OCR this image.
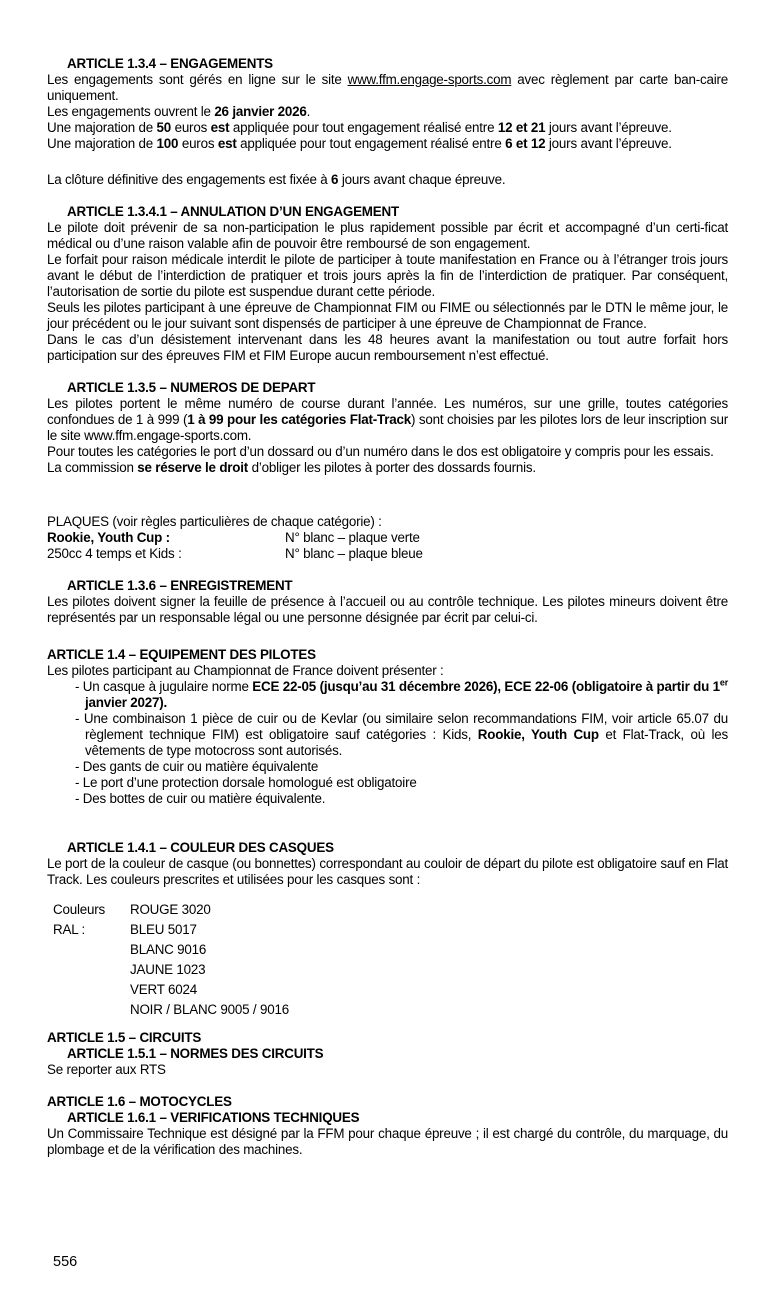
ARTICLE 1.3.4 – ENGAGEMENTS
Les engagements sont gérés en ligne sur le site www.ffm.engage-sports.com avec règlement par carte ban-caire uniquement.
Les engagements ouvrent le 26 janvier 2026.
Une majoration de 50 euros est appliquée pour tout engagement réalisé entre 12 et 21 jours avant l’épreuve.
Une majoration de 100 euros est appliquée pour tout engagement réalisé entre 6 et 12 jours avant l’épreuve.
La clôture définitive des engagements est fixée à 6 jours avant chaque épreuve.
ARTICLE 1.3.4.1 – ANNULATION D’UN ENGAGEMENT
Le pilote doit prévenir de sa non-participation le plus rapidement possible par écrit et accompagné d’un certi-ficat médical ou d’une raison valable afin de pouvoir être remboursé de son engagement.
Le forfait pour raison médicale interdit le pilote de participer à toute manifestation en France ou à l’étranger trois jours avant le début de l’interdiction de pratiquer et trois jours après la fin de l’interdiction de pratiquer. Par conséquent, l’autorisation de sortie du pilote est suspendue durant cette période.
Seuls les pilotes participant à une épreuve de Championnat FIM ou FIME ou sélectionnés par le DTN le même jour, le jour précédent ou le jour suivant sont dispensés de participer à une épreuve de Championnat de France.
Dans le cas d’un désistement intervenant dans les 48 heures avant la manifestation ou tout autre forfait hors participation sur des épreuves FIM et FIM Europe aucun remboursement n’est effectué.
ARTICLE 1.3.5 – NUMEROS DE DEPART
Les pilotes portent le même numéro de course durant l’année. Les numéros, sur une grille, toutes catégories confondues de 1 à 999 (1 à 99 pour les catégories Flat-Track) sont choisies par les pilotes lors de leur inscription sur le site www.ffm.engage-sports.com.
Pour toutes les catégories le port d’un dossard ou d’un numéro dans le dos est obligatoire y compris pour les essais.
La commission se réserve le droit d’obliger les pilotes à porter des dossards fournis.
PLAQUES (voir règles particulières de chaque catégorie) :
Rookie, Youth Cup :	N° blanc – plaque verte
250cc 4 temps et Kids :	N° blanc – plaque bleue
ARTICLE 1.3.6 – ENREGISTREMENT
Les pilotes doivent signer la feuille de présence à l’accueil ou au contrôle technique. Les pilotes mineurs doivent être représentés par un responsable légal ou une personne désignée par écrit par celui-ci.
ARTICLE 1.4 – EQUIPEMENT DES PILOTES
Les pilotes participant au Championnat de France doivent présenter :
- Un casque à jugulaire norme ECE 22-05 (jusqu’au 31 décembre 2026), ECE 22-06 (obligatoire à partir du 1er janvier 2027).
- Une combinaison 1 pièce de cuir ou de Kevlar (ou similaire selon recommandations FIM, voir article 65.07 du règlement technique FIM) est obligatoire sauf catégories : Kids, Rookie, Youth Cup et Flat-Track, où les vêtements de type motocross sont autorisés.
- Des gants de cuir ou matière équivalente
- Le port d’une protection dorsale homologué est obligatoire
- Des bottes de cuir ou matière équivalente.
ARTICLE 1.4.1 – COULEUR DES CASQUES
Le port de la couleur de casque (ou bonnettes) correspondant au couloir de départ du pilote est obligatoire sauf en Flat Track. Les couleurs prescrites et utilisées pour les casques sont :
Couleurs RAL :
ROUGE 3020
BLEU 5017
BLANC 9016
JAUNE 1023
VERT 6024
NOIR / BLANC 9005 / 9016
ARTICLE 1.5 – CIRCUITS
ARTICLE 1.5.1 – NORMES DES CIRCUITS
Se reporter aux RTS
ARTICLE 1.6 – MOTOCYCLES
ARTICLE 1.6.1 – VERIFICATIONS TECHNIQUES
Un Commissaire Technique est désigné par la FFM pour chaque épreuve ; il est chargé du contrôle, du marquage, du plombage et de la vérification des machines.
556
